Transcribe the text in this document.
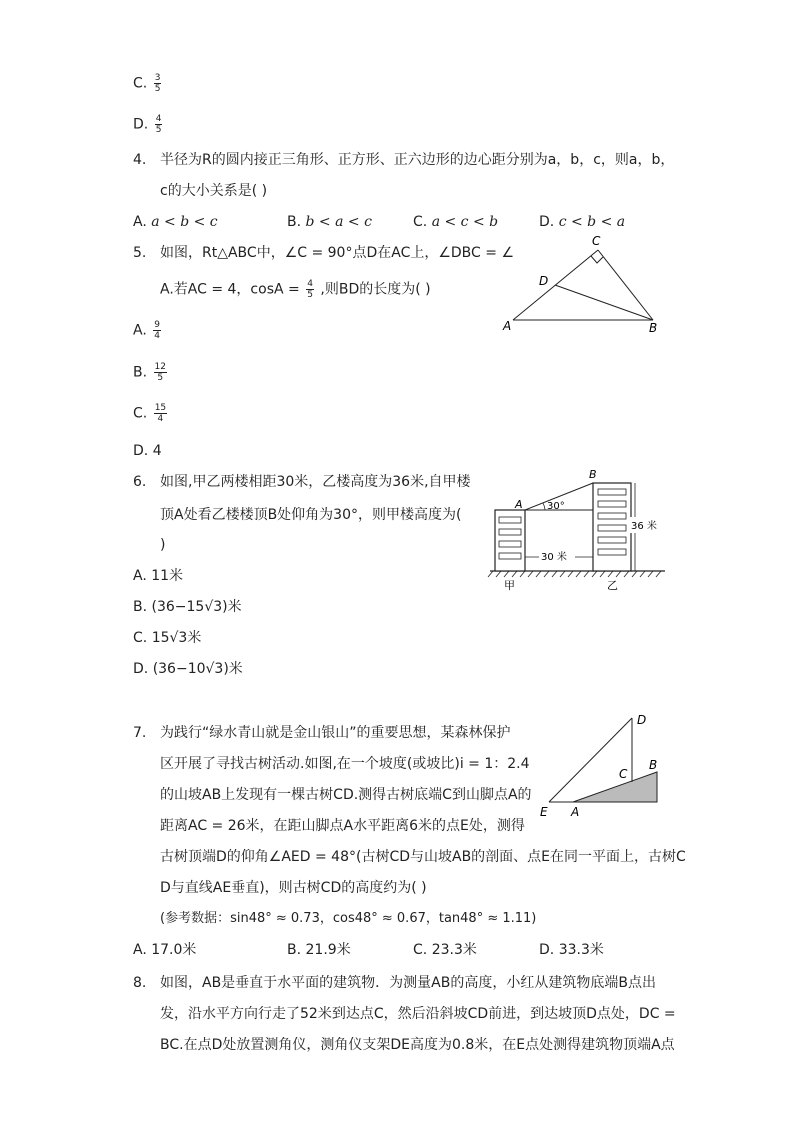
C. $\frac{3}{5}$
D. $\frac{4}{5}$
4. 半径为R的圆内接正三角形、正方形、正六边形的边心距分别为a，b，c，则a，b，
c的大小关系是( )
A. a < b < c	B. b < a < c	C. a < c < b	D. c < b < a
5. 如图，Rt△ABC中，∠C = 90°点D在AC上，∠DBC = ∠
A.若AC = 4，$\cos A = \frac{4}{5}$ ,则BD的长度为( )
A. $\frac{9}{4}$
B. $\frac{12}{5}$
C. $\frac{15}{4}$
D. 4
A	B
C
D
6. 如图,甲乙两楼相距30米，乙楼高度为36米,自甲楼
顶A处看乙楼楼顶B处仰角为30°，则甲楼高度为(
)
A. 11米
B. (36−15√3)米
C. 15√3米
D. (36−10√3)米
30°
A
B
30 米
36 米
甲	乙
7. 为践行“绿水青山就是金山银山”的重要思想，某森林保护
区开展了寻找古树活动.如图,在一个坡度(或坡比)i = 1：2.4
的山坡AB上发现有一棵古树CD.测得古树底端C到山脚点A的
距离AC = 26米，在距山脚点A水平距离6米的点E处，测得
古树顶端D的仰角∠AED = 48°(古树CD与山坡AB的剖面、点E在同一平面上，古树C
D与直线AE垂直)，则古树CD的高度约为( )
(参考数据：sin48° ≈ 0.73，cos48° ≈ 0.67，tan48° ≈ 1.11)
A. 17.0米	B. 21.9米	C. 23.3米	D. 33.3米
D
C
B
E A
8. 如图，AB是垂直于水平面的建筑物．为测量AB的高度，小红从建筑物底端B点出
发，沿水平方向行走了52米到达点C，然后沿斜坡CD前进，到达坡顶D点处，DC =
BC.在点D处放置测角仪，测角仪支架DE高度为0.8米，在E点处测得建筑物顶端A点
